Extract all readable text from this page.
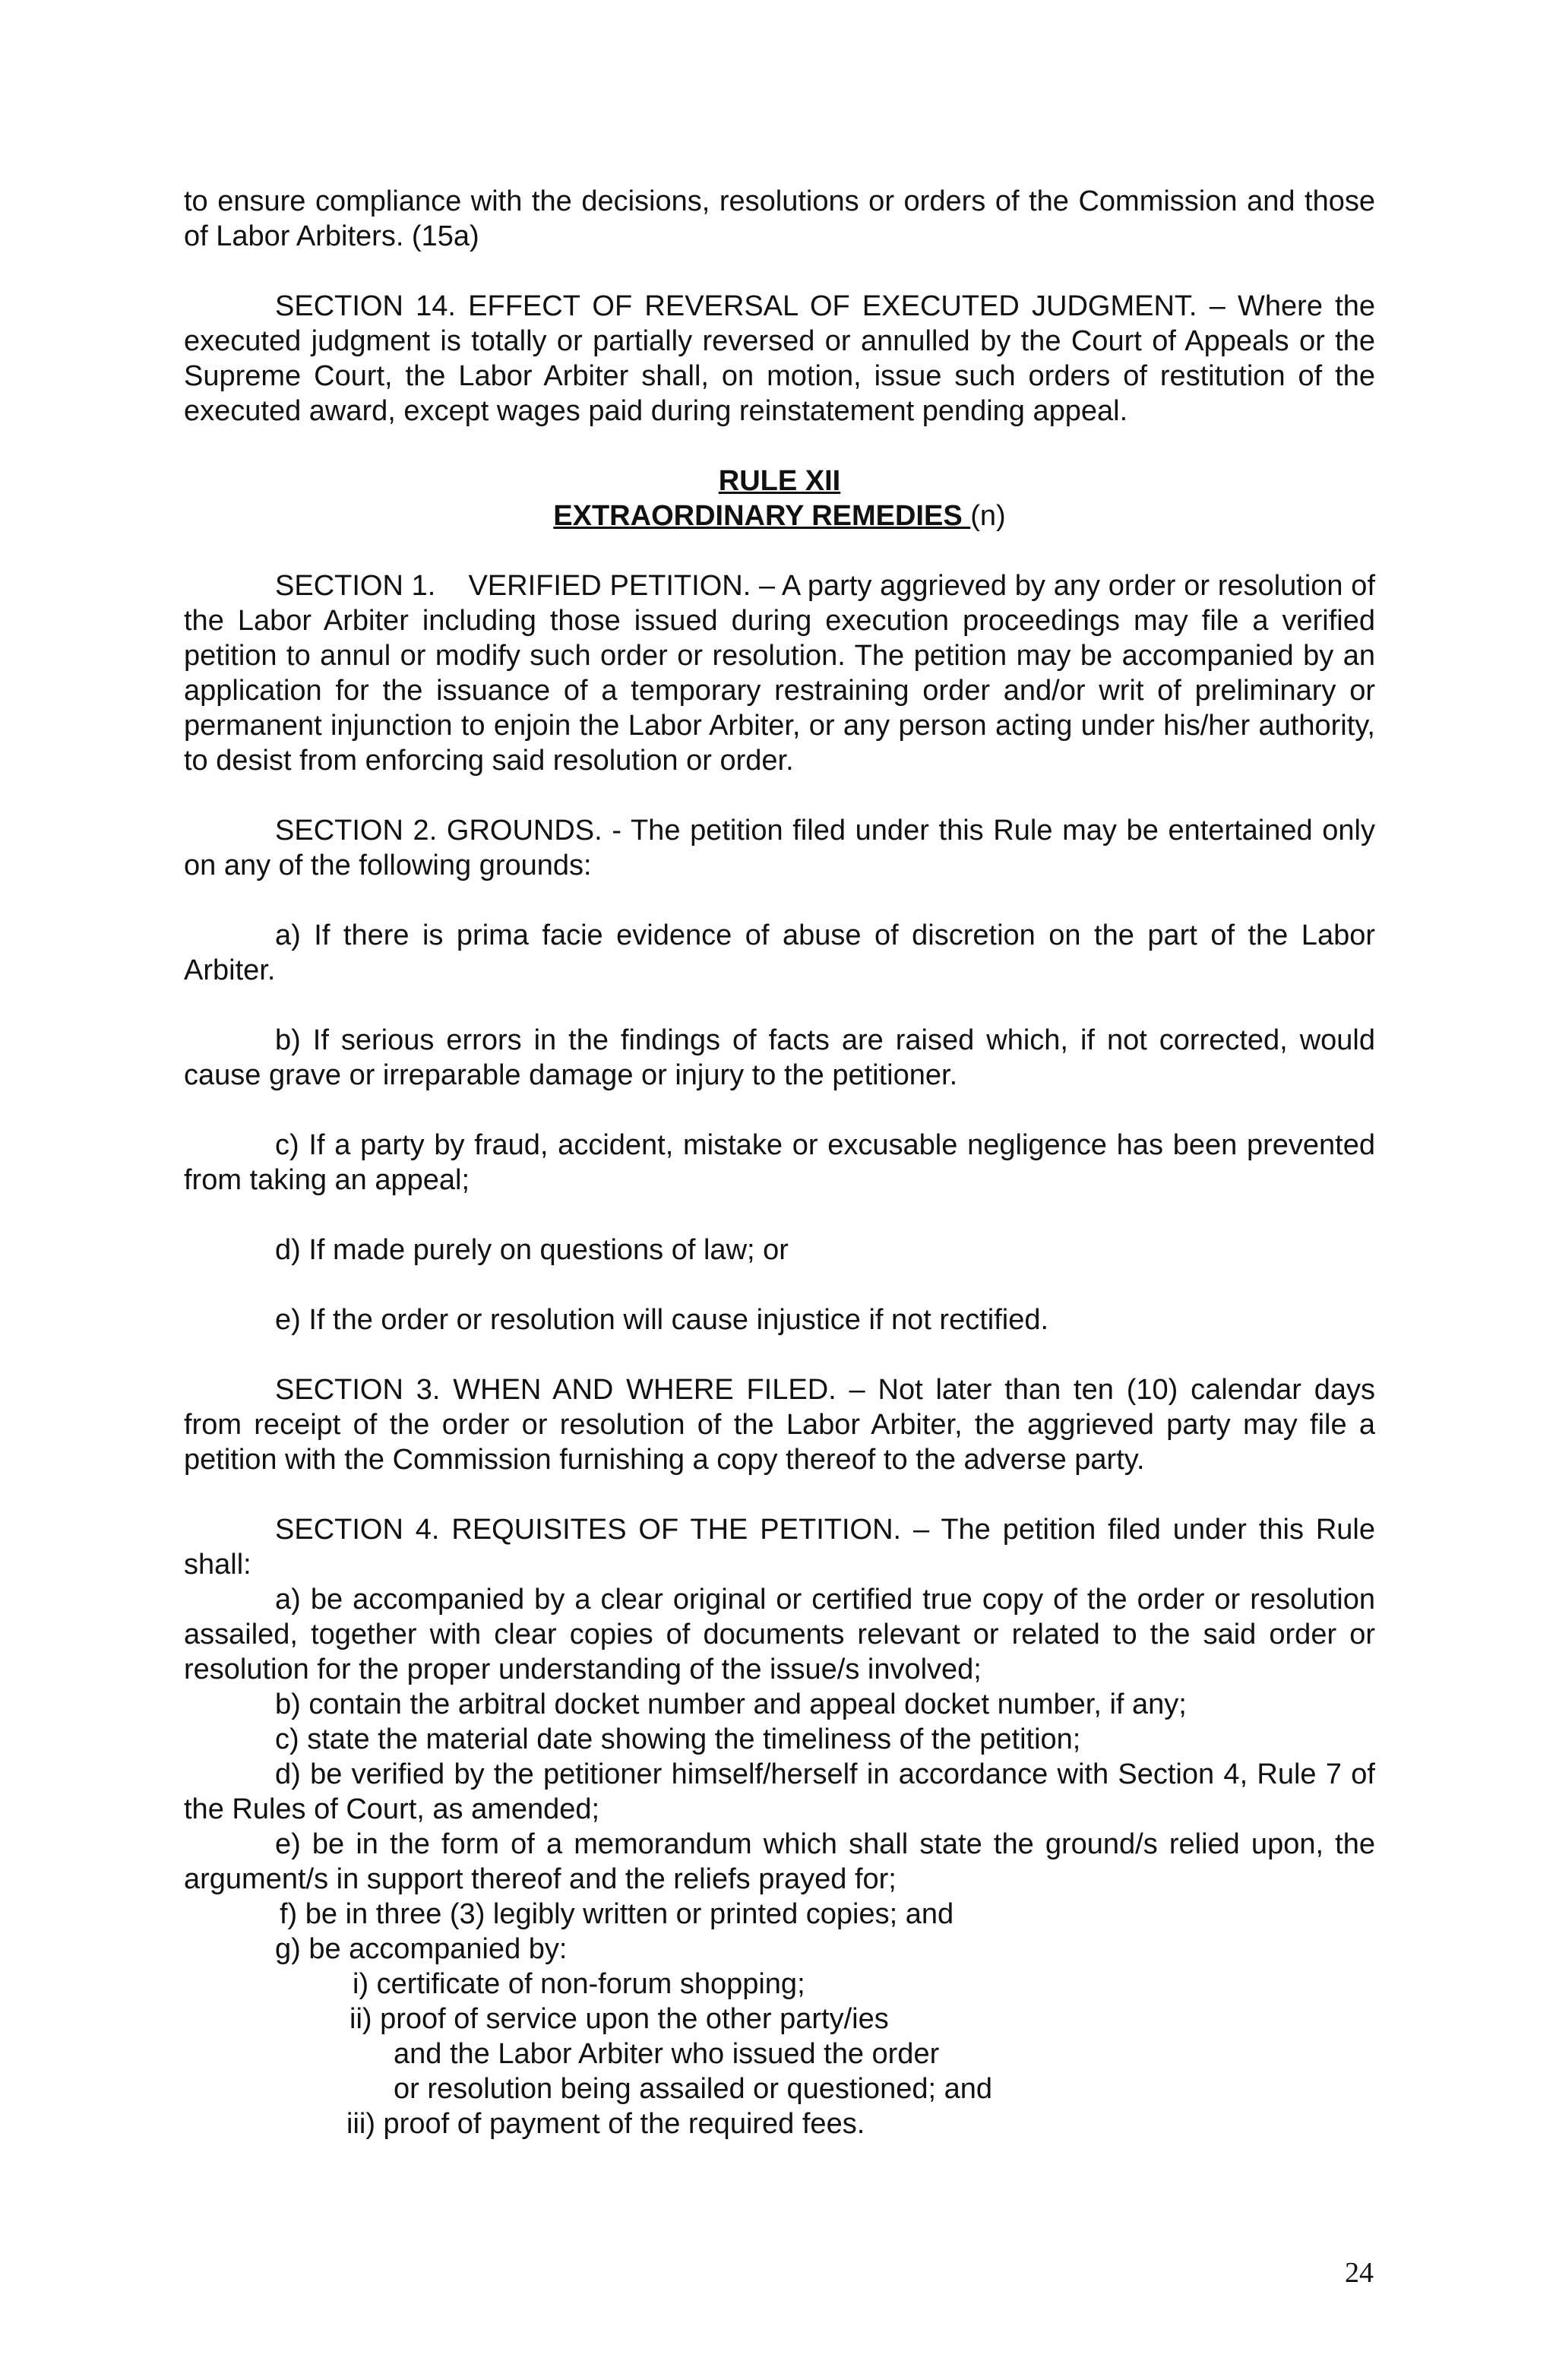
to ensure compliance with the decisions, resolutions or orders of the Commission and those of Labor Arbiters. (15a)

SECTION 14. EFFECT OF REVERSAL OF EXECUTED JUDGMENT. – Where the executed judgment is totally or partially reversed or annulled by the Court of Appeals or the Supreme Court, the Labor Arbiter shall, on motion, issue such orders of restitution of the executed award, except wages paid during reinstatement pending appeal.

RULE XII
EXTRAORDINARY REMEDIES (n)

SECTION 1.    VERIFIED PETITION. – A party aggrieved by any order or resolution of the Labor Arbiter including those issued during execution proceedings may file a verified petition to annul or modify such order or resolution. The petition may be accompanied by an application for the issuance of a temporary restraining order and/or writ of preliminary or permanent injunction to enjoin the Labor Arbiter, or any person acting under his/her authority, to desist from enforcing said resolution or order.

SECTION 2. GROUNDS. - The petition filed under this Rule may be entertained only on any of the following grounds:

a) If there is prima facie evidence of abuse of discretion on the part of the Labor Arbiter.

b) If serious errors in the findings of facts are raised which, if not corrected, would cause grave or irreparable damage or injury to the petitioner.

c) If a party by fraud, accident, mistake or excusable negligence has been prevented from taking an appeal;

d) If made purely on questions of law; or

e) If the order or resolution will cause injustice if not rectified.

SECTION 3. WHEN AND WHERE FILED. – Not later than ten (10) calendar days from receipt of the order or resolution of the Labor Arbiter, the aggrieved party may file a petition with the Commission furnishing a copy thereof to the adverse party.

SECTION 4. REQUISITES OF THE PETITION. – The petition filed under this Rule shall:

a) be accompanied by a clear original or certified true copy of the order or resolution assailed, together with clear copies of documents relevant or related to the said order or resolution for the proper understanding of the issue/s involved;

b) contain the arbitral docket number and appeal docket number, if any;

c) state the material date showing the timeliness of the petition;

d) be verified by the petitioner himself/herself in accordance with Section 4, Rule 7 of the Rules of Court, as amended;

e) be in the form of a memorandum which shall state the ground/s relied upon, the argument/s in support thereof and the reliefs prayed for;

f) be in three (3) legibly written or printed copies; and

g) be accompanied by:

i) certificate of non-forum shopping;

ii) proof of service upon the other party/ies

and the Labor Arbiter who issued the order

or resolution being assailed or questioned; and

iii) proof of payment of the required fees.

24
